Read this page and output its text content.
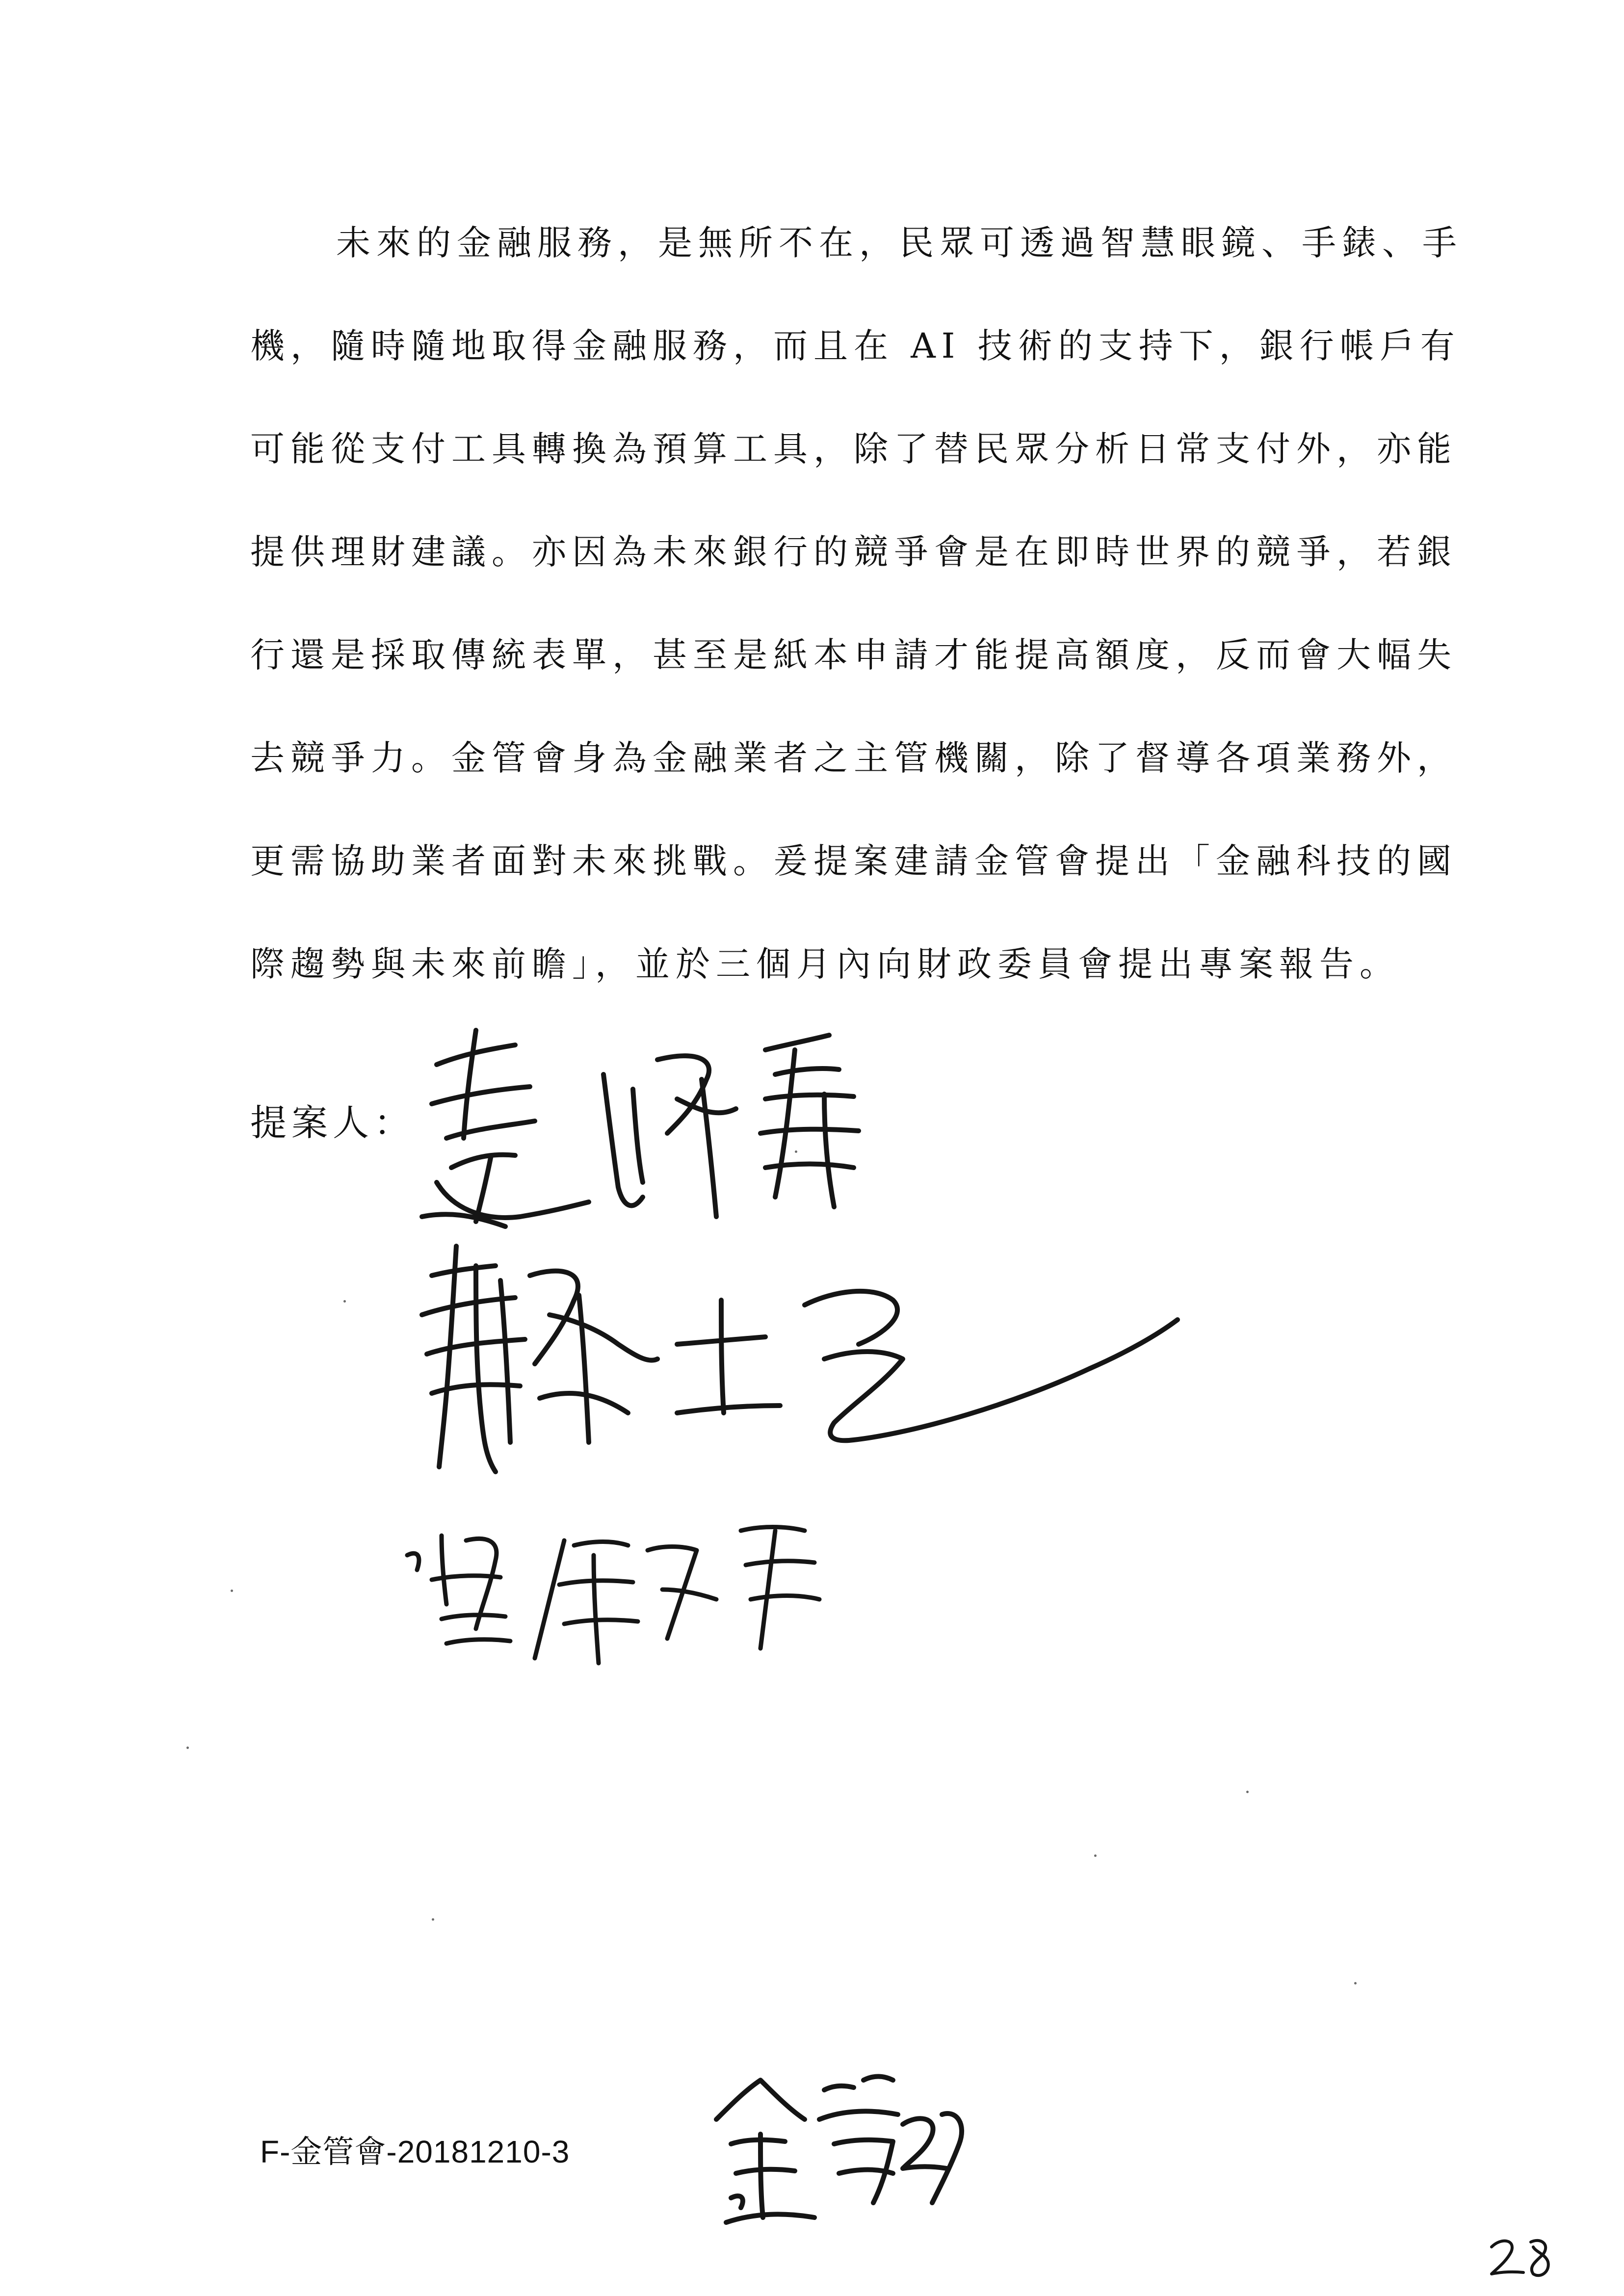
未來的金融服務，是無所不在，民眾可透過智慧眼鏡、手錶、手
機，隨時隨地取得金融服務，而且在 AI 技術的支持下，銀行帳戶有
可能從支付工具轉換為預算工具，除了替民眾分析日常支付外，亦能
提供理財建議。亦因為未來銀行的競爭會是在即時世界的競爭，若銀
行還是採取傳統表單，甚至是紙本申請才能提高額度，反而會大幅失
去競爭力。金管會身為金融業者之主管機關，除了督導各項業務外，
更需協助業者面對未來挑戰。爰提案建請金管會提出「金融科技的國
際趨勢與未來前瞻」，並於三個月內向財政委員會提出專案報告。
提案人：
F-金管會-20181210-3
